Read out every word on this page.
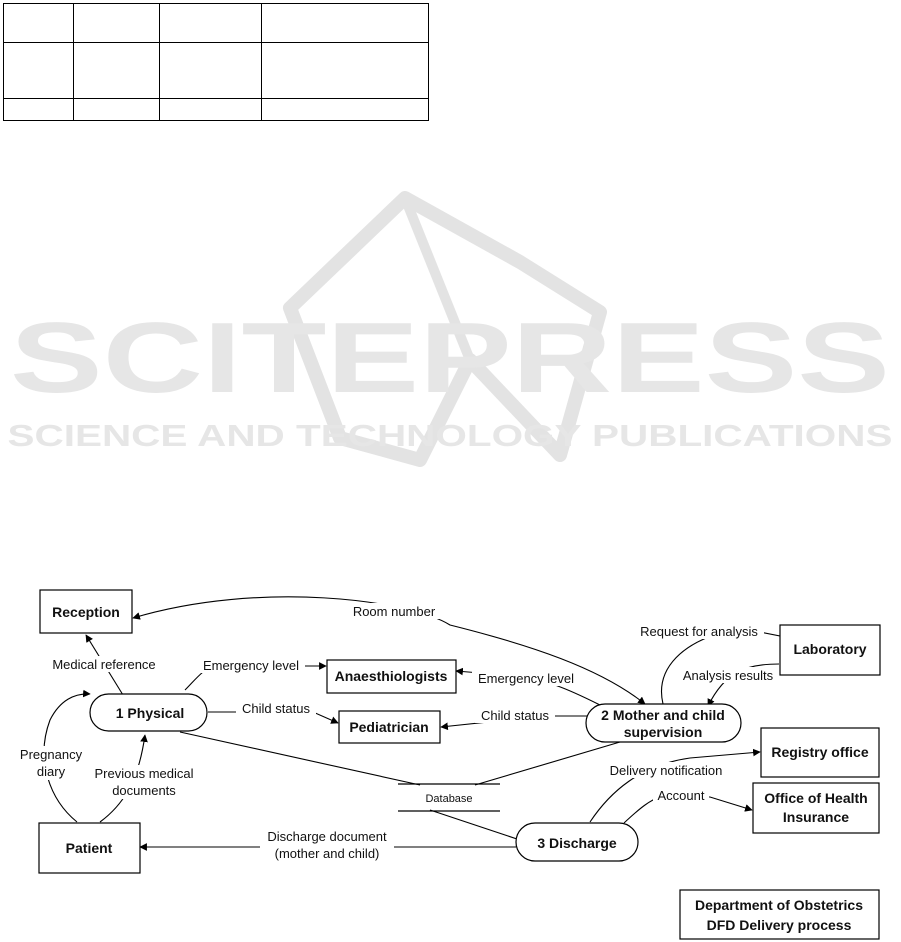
SCITEPRESS
SCIENCE AND TECHNOLOGY PUBLICATIONS
Reception
Patient
Anaesthiologists
Pediatrician
Laboratory
Registry office
Office of Health
Insurance
1 Physical	2 Mother and child
supervision
3 Discharge
Database
Room number
Medical reference	Emergency level
Emergency level
Child status	Child status
Pregnancy
diary Previous medical
documents
Request for analysis
Analysis results
Delivery notification
Account
Discharge document
(mother and child)
Department of Obstetrics
DFD Delivery process
